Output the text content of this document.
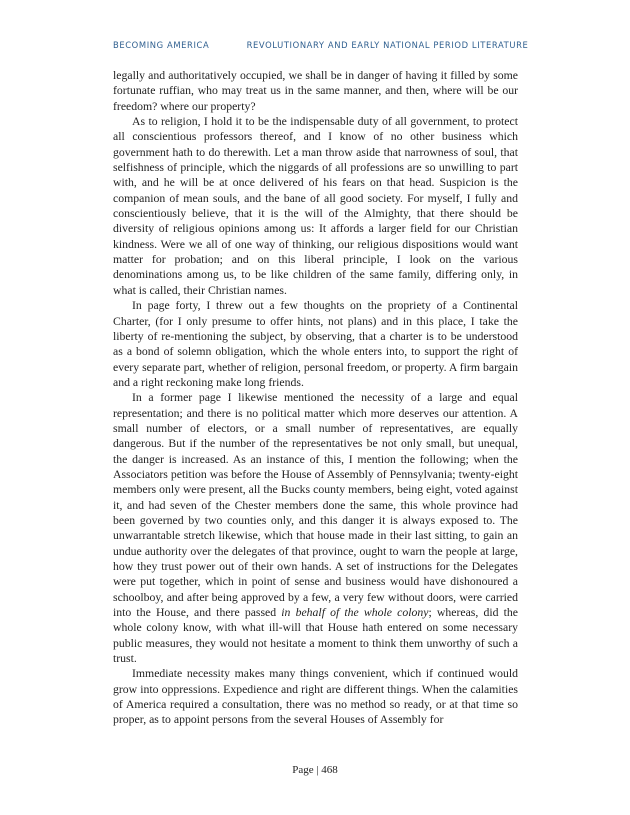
BECOMING AMERICA	REVOLUTIONARY AND EARLY NATIONAL PERIOD LITERATURE

legally and authoritatively occupied, we shall be in danger of having it filled by some fortunate ruffian, who may treat us in the same manner, and then, where will be our freedom? where our property?

As to religion, I hold it to be the indispensable duty of all government, to protect all conscientious professors thereof, and I know of no other business which government hath to do therewith. Let a man throw aside that narrowness of soul, that selfishness of principle, which the niggards of all professions are so unwilling to part with, and he will be at once delivered of his fears on that head. Suspicion is the companion of mean souls, and the bane of all good society. For myself, I fully and conscientiously believe, that it is the will of the Almighty, that there should be diversity of religious opinions among us: It affords a larger field for our Christian kindness. Were we all of one way of thinking, our religious dispositions would want matter for probation; and on this liberal principle, I look on the various denominations among us, to be like children of the same family, differing only, in what is called, their Christian names.

In page forty, I threw out a few thoughts on the propriety of a Continental Charter, (for I only presume to offer hints, not plans) and in this place, I take the liberty of re-mentioning the subject, by observing, that a charter is to be understood as a bond of solemn obligation, which the whole enters into, to support the right of every separate part, whether of religion, personal freedom, or property. A firm bargain and a right reckoning make long friends.

In a former page I likewise mentioned the necessity of a large and equal representation; and there is no political matter which more deserves our attention. A small number of electors, or a small number of representatives, are equally dangerous. But if the number of the representatives be not only small, but unequal, the danger is increased. As an instance of this, I mention the following; when the Associators petition was before the House of Assembly of Pennsylvania; twenty-eight members only were present, all the Bucks county members, being eight, voted against it, and had seven of the Chester members done the same, this whole province had been governed by two counties only, and this danger it is always exposed to. The unwarrantable stretch likewise, which that house made in their last sitting, to gain an undue authority over the delegates of that province, ought to warn the people at large, how they trust power out of their own hands. A set of instructions for the Delegates were put together, which in point of sense and business would have dishonoured a schoolboy, and after being approved by a few, a very few without doors, were carried into the House, and there passed in behalf of the whole colony; whereas, did the whole colony know, with what ill-will that House hath entered on some necessary public measures, they would not hesitate a moment to think them unworthy of such a trust.

Immediate necessity makes many things convenient, which if continued would grow into oppressions. Expedience and right are different things. When the calamities of America required a consultation, there was no method so ready, or at that time so proper, as to appoint persons from the several Houses of Assembly for

Page | 468
